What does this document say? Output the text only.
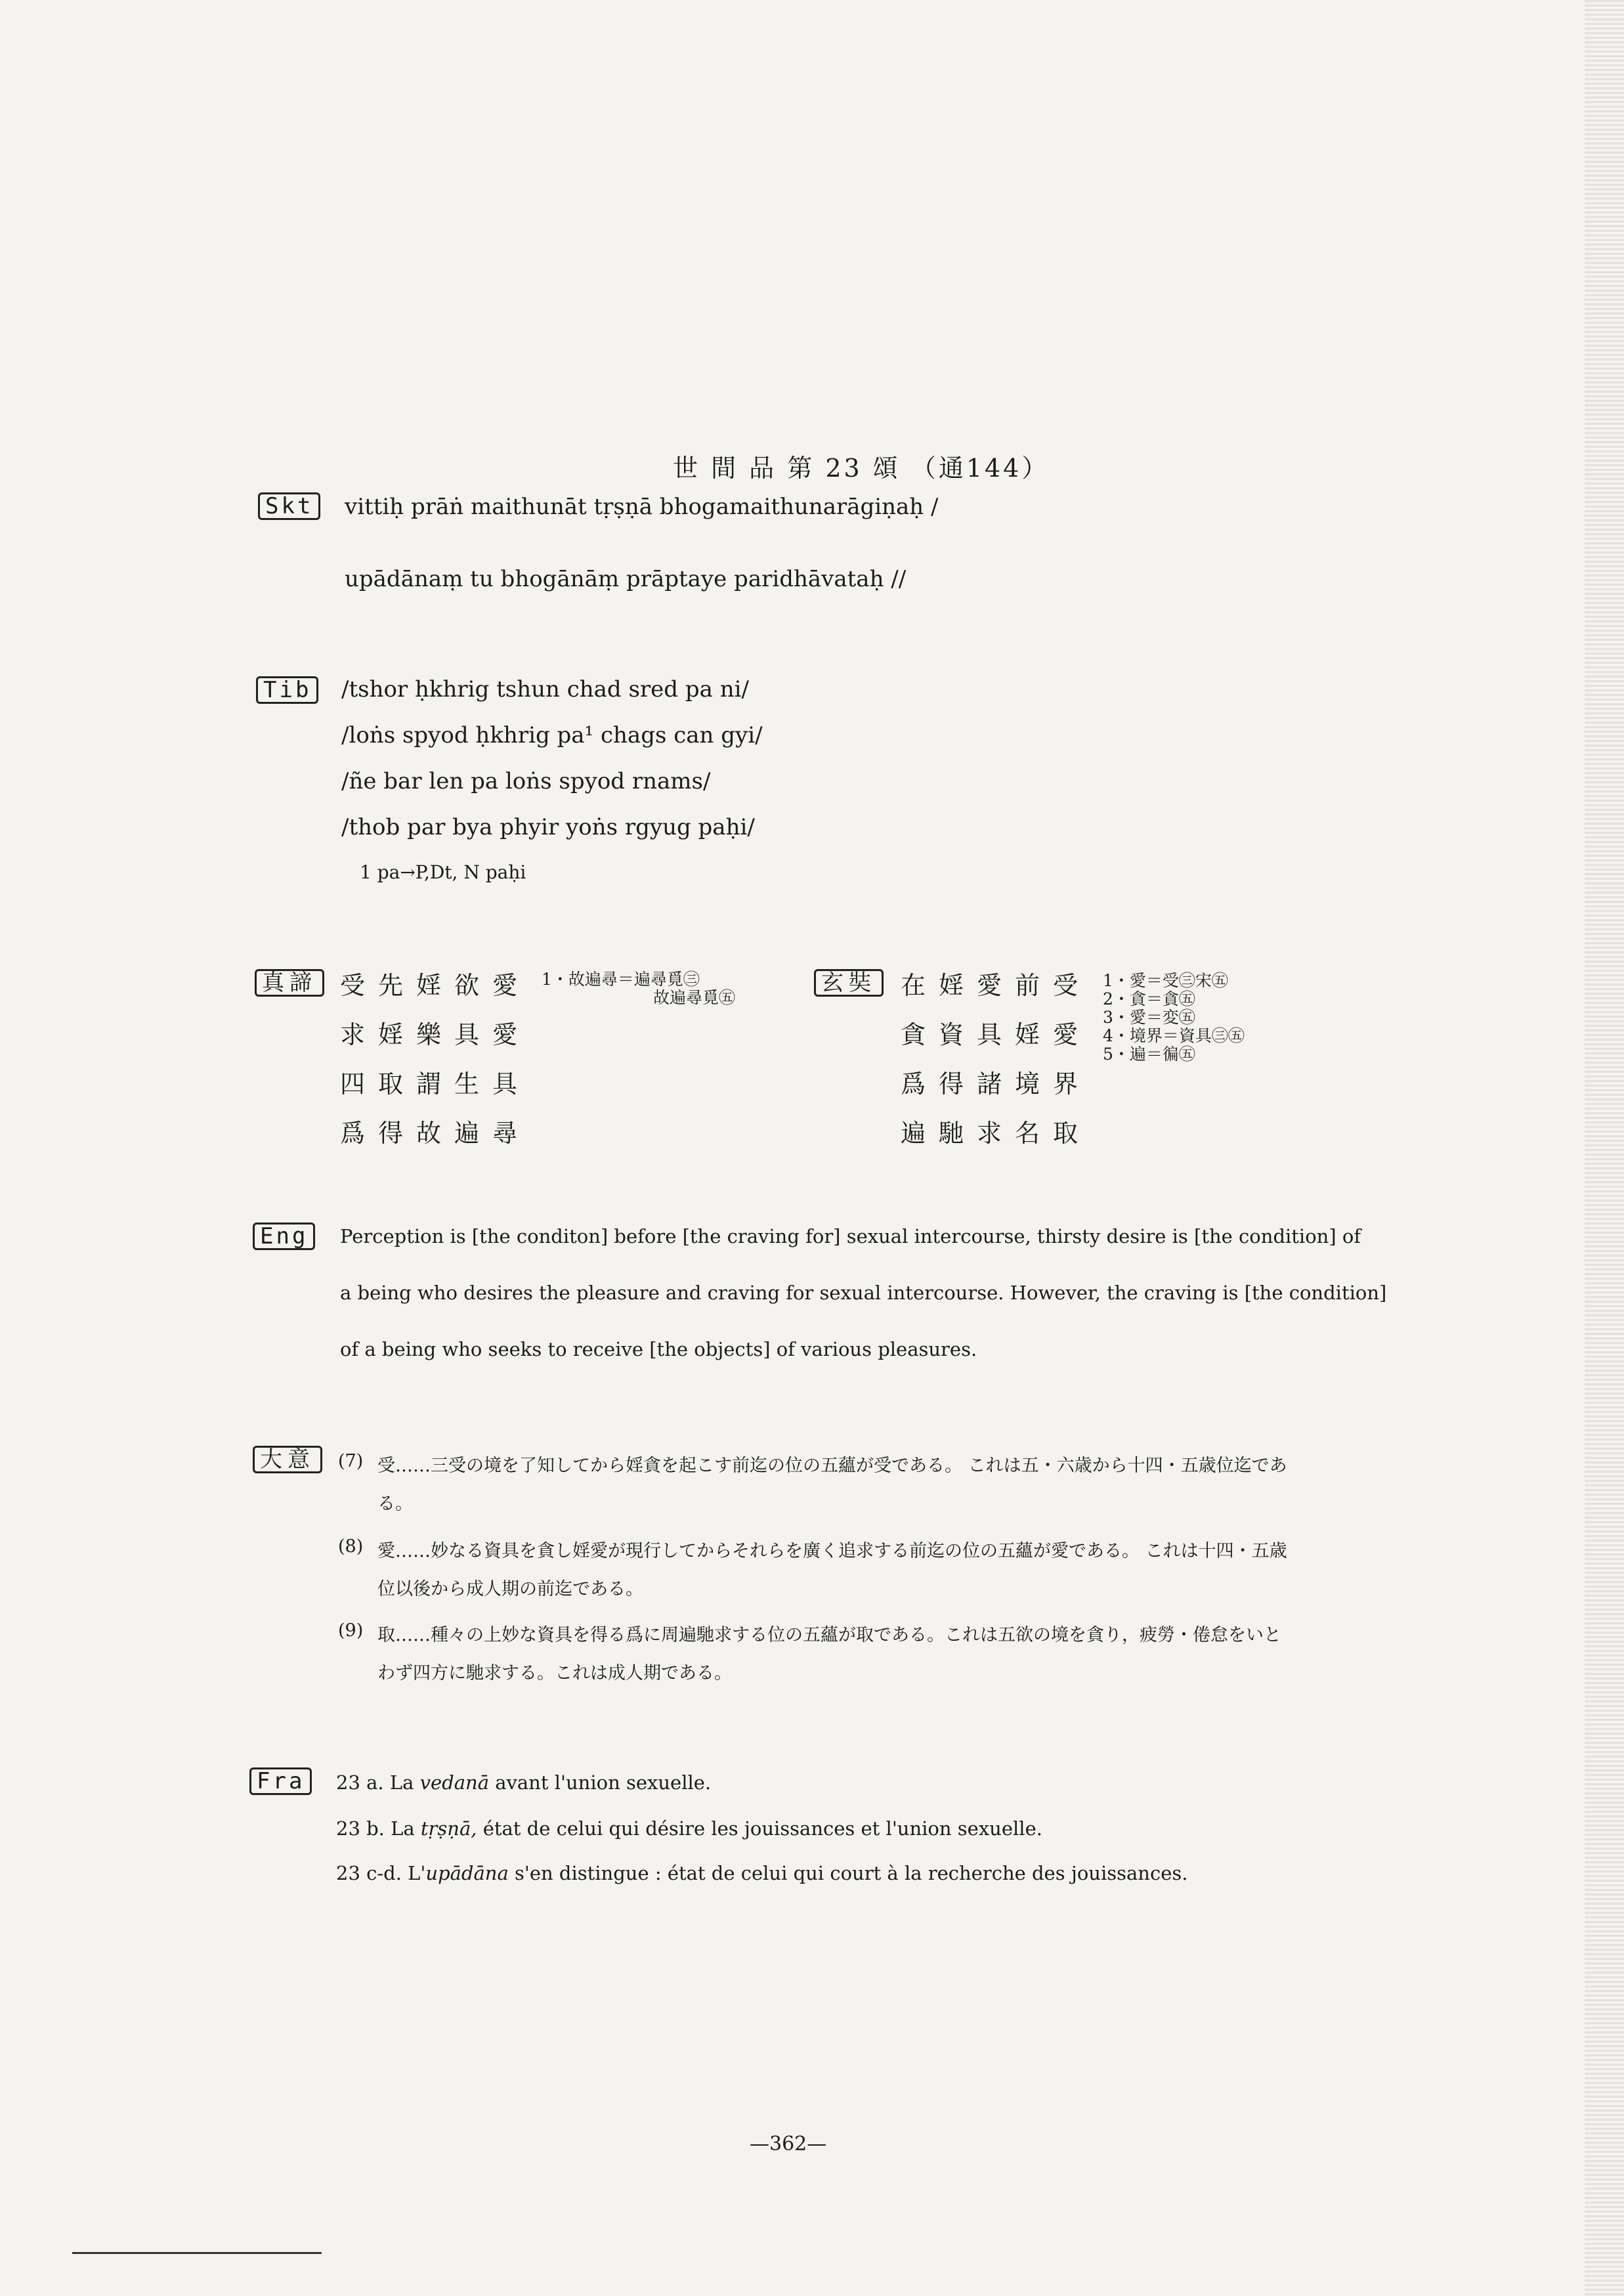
世 間 品 第 23 頌 （通144）
Skt	vittiḥ prāṅ maithunāt tṛṣṇā bhogamaithunarāgiṇaḥ /
upādānaṃ tu bhogānāṃ prāptaye paridhāvataḥ //
Tib	/tshor ḥkhrig tshun chad sred pa ni/
/loṅs spyod ḥkhrig pa¹ chags can gyi/
/ñe bar len pa loṅs spyod rnams/
/thob par bya phyir yoṅs rgyug paḥi/
1 pa→P,Dt, N paḥi
真諦 受先婬欲愛
求婬樂具愛
四取謂生具
爲得故遍尋
1・故遍尋＝遍尋覓㊂
故遍尋覓㊄
玄奘 在婬愛前受
貪資具婬愛
爲得諸境界
遍馳求名取
1・愛＝受㊂宋㊄
2・貪＝貪㊄
3・愛＝変㊄
4・境界＝資具㊂㊄
5・遍＝徧㊄
Eng	Perception is [the conditon] before [the craving for] sexual intercourse, thirsty desire is [the condition] of
a being who desires the pleasure and craving for sexual intercourse. However, the craving is [the condition]
of a being who seeks to receive [the objects] of various pleasures.
大意	(7) 受……三受の境を了知してから婬貪を起こす前迄の位の五蘊が受である。 これは五・六歳から十四・五歳位迄であ
る。
(8) 愛……妙なる資具を貪し婬愛が現行してからそれらを廣く追求する前迄の位の五蘊が愛である。 これは十四・五歳
位以後から成人期の前迄である。
(9) 取……種々の上妙な資具を得る爲に周遍馳求する位の五蘊が取である。これは五欲の境を貪り，疲勞・倦怠をいと
わず四方に馳求する。これは成人期である。
Fra	23 a. La vedanā avant l'union sexuelle.
23 b. La tṛṣṇā, état de celui qui désire les jouissances et l'union sexuelle.
23 c-d. L'upādāna s'en distingue : état de celui qui court à la recherche des jouissances.
—362—
